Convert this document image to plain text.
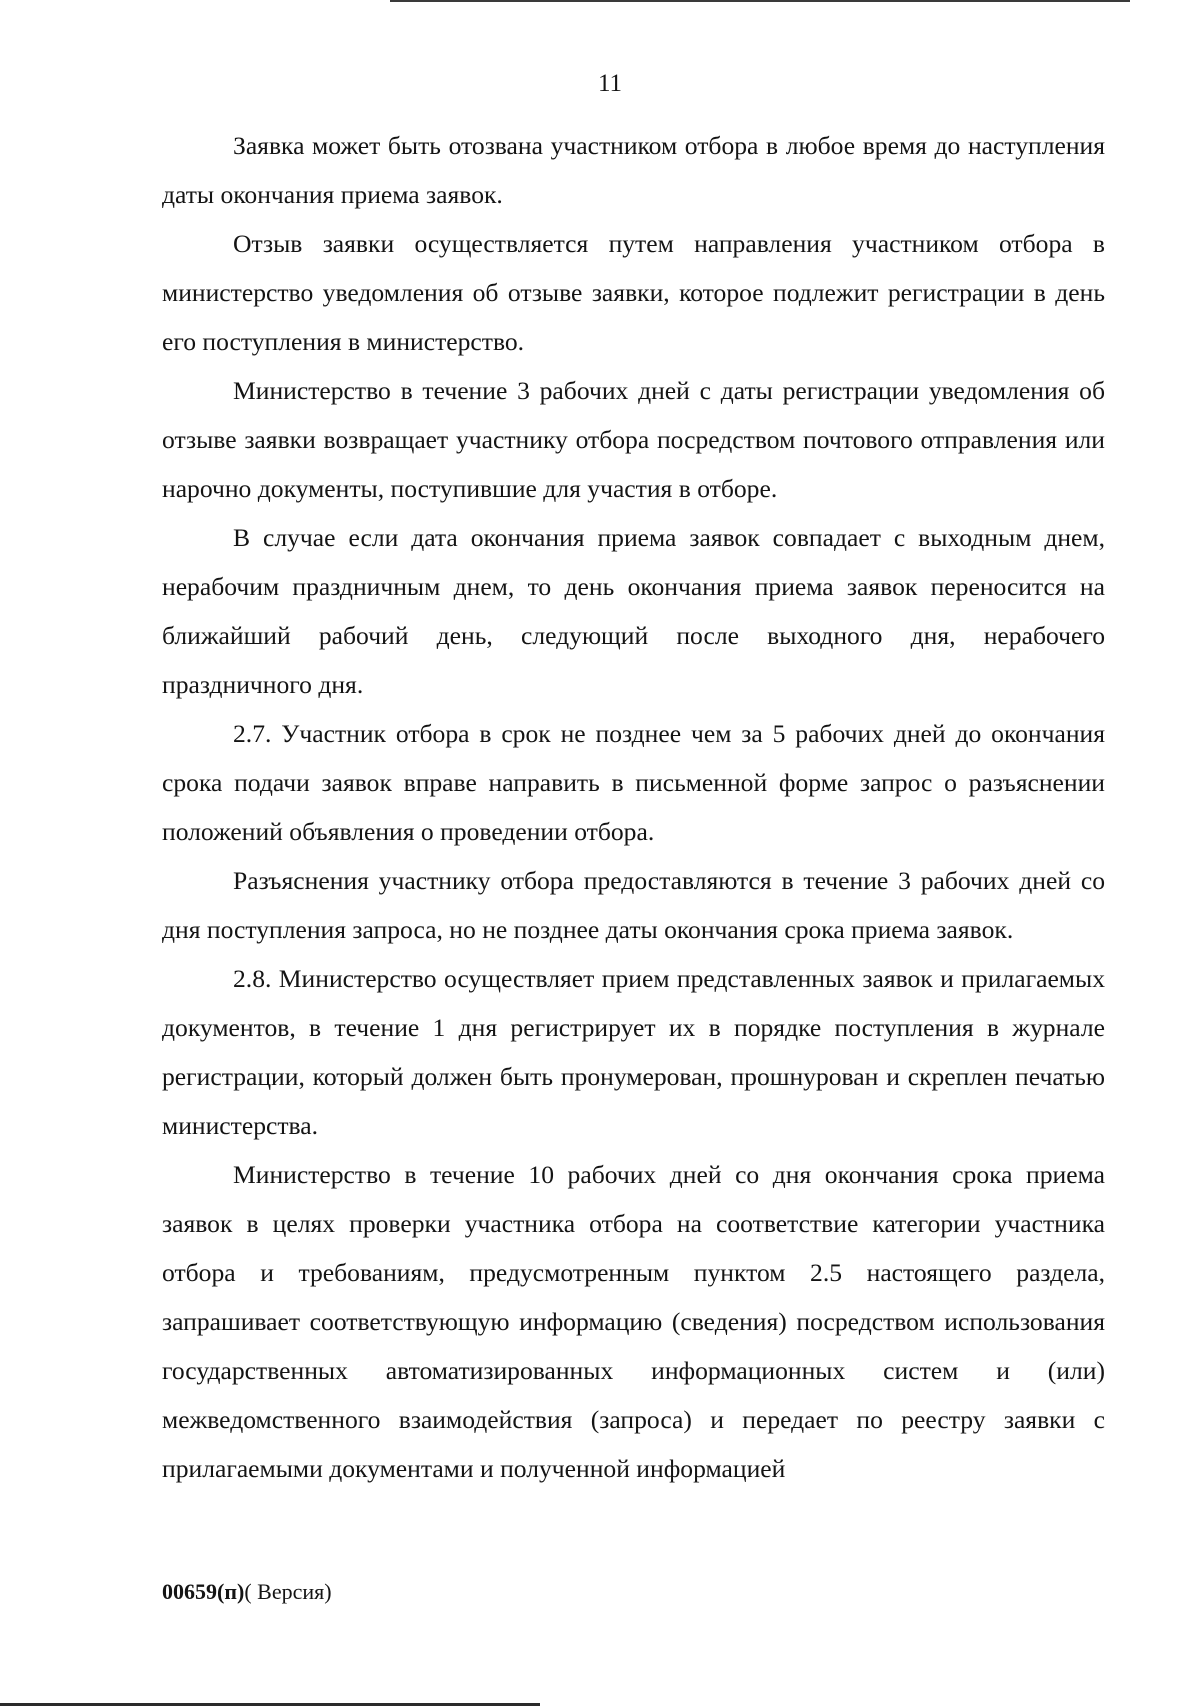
11

Заявка может быть отозвана участником отбора в любое время до наступления даты окончания приема заявок.

Отзыв заявки осуществляется путем направления участником отбора в министерство уведомления об отзыве заявки, которое подлежит регистрации в день его поступления в министерство.

Министерство в течение 3 рабочих дней с даты регистрации уведомления об отзыве заявки возвращает участнику отбора посредством почтового отправления или нарочно документы, поступившие для участия в отборе.

В случае если дата окончания приема заявок совпадает с выходным днем, нерабочим праздничным днем, то день окончания приема заявок переносится на ближайший рабочий день, следующий после выходного дня, нерабочего праздничного дня.

2.7. Участник отбора в срок не позднее чем за 5 рабочих дней до окончания срока подачи заявок вправе направить в письменной форме запрос о разъяснении положений объявления о проведении отбора.

Разъяснения участнику отбора предоставляются в течение 3 рабочих дней со дня поступления запроса, но не позднее даты окончания срока приема заявок.

2.8. Министерство осуществляет прием представленных заявок и прилагаемых документов, в течение 1 дня регистрирует их в порядке поступления в журнале регистрации, который должен быть пронумерован, прошнурован и скреплен печатью министерства.

Министерство в течение 10 рабочих дней со дня окончания срока приема заявок в целях проверки участника отбора на соответствие категории участника отбора и требованиям, предусмотренным пунктом 2.5 настоящего раздела, запрашивает соответствующую информацию (сведения) посредством использования государственных автоматизированных информационных систем и (или) межведомственного взаимодействия (запроса) и передает по реестру заявки с прилагаемыми документами и полученной информацией

00659(п)( Версия)
